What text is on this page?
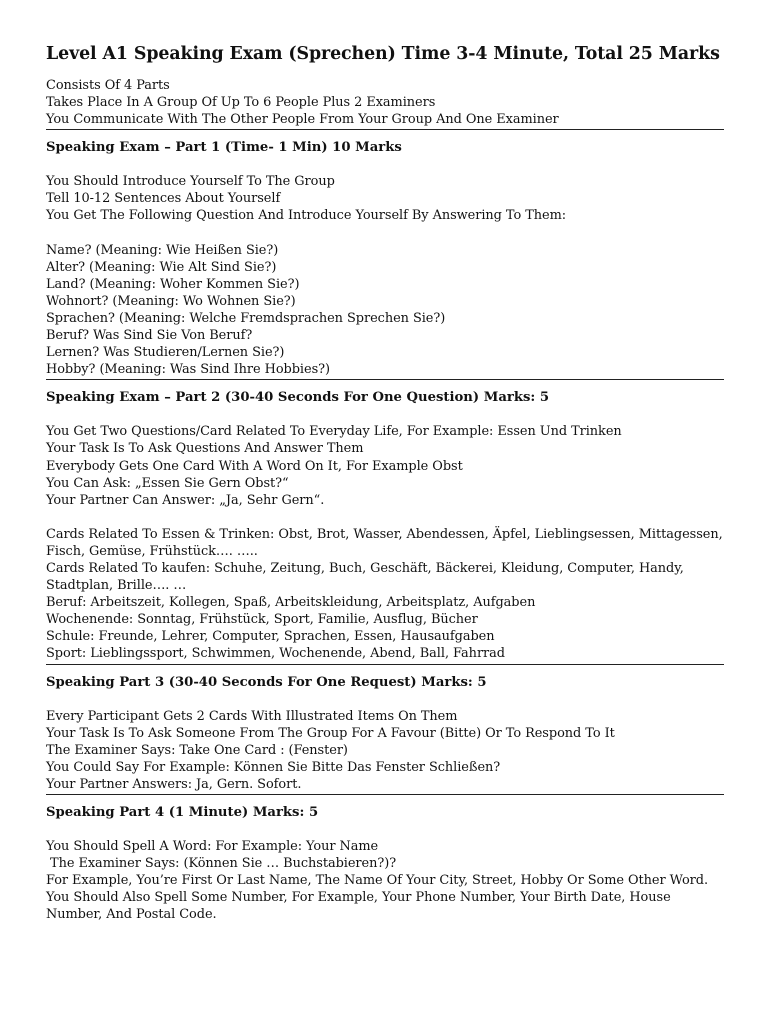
Level A1 Speaking Exam (Sprechen) Time 3-4 Minute, Total 25 Marks
Consists Of 4 Parts
Takes Place In A Group Of Up To 6 People Plus 2 Examiners
You Communicate With The Other People From Your Group And One Examiner
Speaking Exam – Part 1 (Time- 1 Min) 10 Marks
You Should Introduce Yourself To The Group
Tell 10-12 Sentences About Yourself
You Get The Following Question And Introduce Yourself By Answering To Them:
Name? (Meaning: Wie Heißen Sie?)
Alter? (Meaning: Wie Alt Sind Sie?)
Land? (Meaning: Woher Kommen Sie?)
Wohnort? (Meaning: Wo Wohnen Sie?)
Sprachen? (Meaning: Welche Fremdsprachen Sprechen Sie?)
Beruf? Was Sind Sie Von Beruf?
Lernen? Was Studieren/Lernen Sie?)
Hobby? (Meaning: Was Sind Ihre Hobbies?)
Speaking Exam – Part 2 (30-40 Seconds For One Question) Marks: 5
You Get Two Questions/Card Related To Everyday Life, For Example: Essen Und Trinken
Your Task Is To Ask Questions And Answer Them
Everybody Gets One Card With A Word On It, For Example Obst
You Can Ask: „Essen Sie Gern Obst?“
Your Partner Can Answer: „Ja, Sehr Gern“.
Cards Related To Essen & Trinken: Obst, Brot, Wasser, Abendessen, Äpfel, Lieblingsessen, Mittagessen, Fisch, Gemüse, Frühstück…. …..
Cards Related To kaufen: Schuhe, Zeitung, Buch, Geschäft, Bäckerei, Kleidung, Computer, Handy, Stadtplan, Brille…. …
Beruf: Arbeitszeit, Kollegen, Spaß, Arbeitskleidung, Arbeitsplatz, Aufgaben
Wochenende: Sonntag, Frühstück, Sport, Familie, Ausflug, Bücher
Schule: Freunde, Lehrer, Computer, Sprachen, Essen, Hausaufgaben
Sport: Lieblingssport, Schwimmen, Wochenende, Abend, Ball, Fahrrad
Speaking Part 3 (30-40 Seconds For One Request) Marks: 5
Every Participant Gets 2 Cards With Illustrated Items On Them
Your Task Is To Ask Someone From The Group For A Favour (Bitte) Or To Respond To It
The Examiner Says: Take One Card : (Fenster)
You Could Say For Example: Können Sie Bitte Das Fenster Schließen?
Your Partner Answers: Ja, Gern. Sofort.
Speaking Part 4 (1 Minute) Marks: 5
You Should Spell A Word: For Example: Your Name
The Examiner Says: (Können Sie … Buchstabieren?)?
For Example, You’re First Or Last Name, The Name Of Your City, Street, Hobby Or Some Other Word.
You Should Also Spell Some Number, For Example, Your Phone Number, Your Birth Date, House Number, And Postal Code.
